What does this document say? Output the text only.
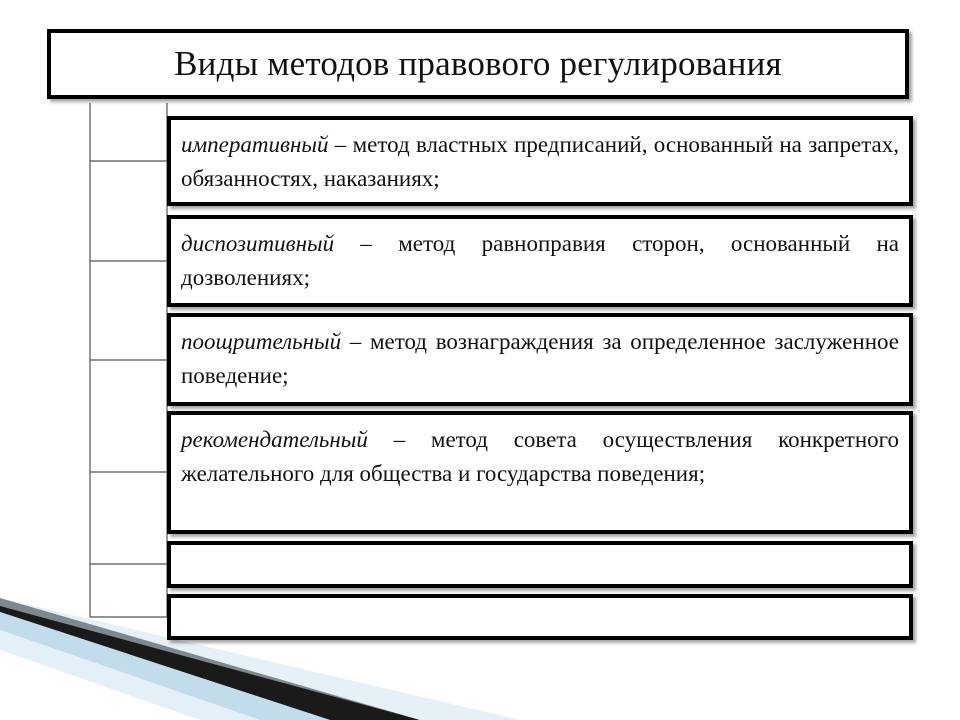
Виды методов правового регулирования
императивный – метод властных предписаний, основанный на запретах, обязанностях, наказаниях;
диспозитивный – метод равноправия сторон, основанный на дозволениях;
поощрительный – метод вознаграждения за определенное заслуженное поведение;
рекомендательный – метод совета осуществления конкретного желательного для общества и государства поведения;
